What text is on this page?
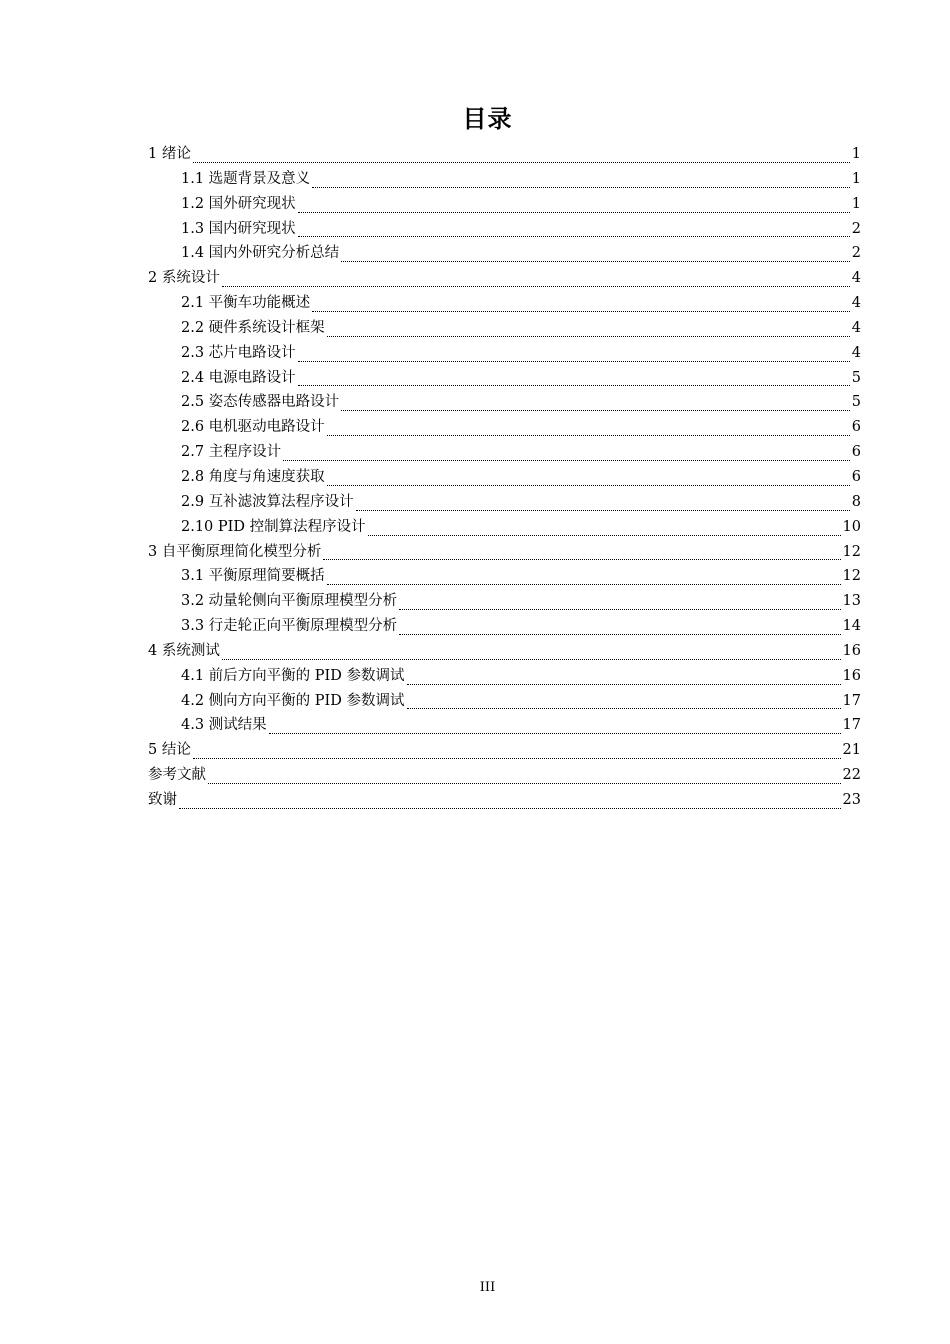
目录
1 绪论	1
1.1 选题背景及意义	1
1.2 国外研究现状	1
1.3 国内研究现状	2
1.4 国内外研究分析总结	2
2 系统设计	4
2.1 平衡车功能概述	4
2.2 硬件系统设计框架	4
2.3 芯片电路设计	4
2.4 电源电路设计	5
2.5 姿态传感器电路设计	5
2.6 电机驱动电路设计	6
2.7 主程序设计	6
2.8 角度与角速度获取	6
2.9 互补滤波算法程序设计	8
2.10 PID 控制算法程序设计	10
3 自平衡原理简化模型分析	12
3.1 平衡原理简要概括	12
3.2 动量轮侧向平衡原理模型分析	13
3.3 行走轮正向平衡原理模型分析	14
4 系统测试	16
4.1 前后方向平衡的 PID 参数调试	16
4.2 侧向方向平衡的 PID 参数调试	17
4.3 测试结果	17
5 结论	21
参考文献	22
致谢	23
III
